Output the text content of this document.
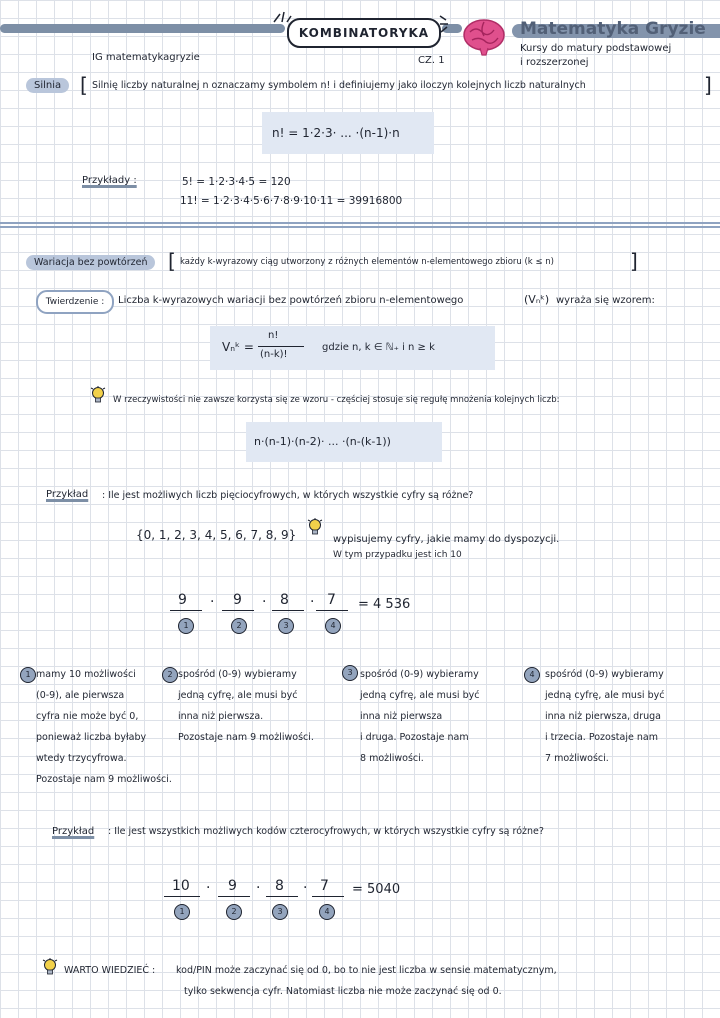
KOMBINATORYKA	Matematyka Gryzie
Kursy do matury podstawowej
i rozszerzonej
IG matematykagryzie	CZ. 1
Silnia [ Silnię liczby naturalnej n oznaczamy symbolem n! i definiujemy jako iloczyn kolejnych liczb naturalnych	]
n! = 1·2·3· ... ·(n-1)·n
Przykłady :	5! = 1·2·3·4·5 = 120
11! = 1·2·3·4·5·6·7·8·9·10·11 = 39916800
Wariacja bez powtórzeń	[ każdy k-wyrazowy ciąg utworzony z różnych elementów n-elementowego zbioru (k ≤ n)	]
Twierdzenie :	Liczba k-wyrazowych wariacji bez powtórzeń zbioru n-elementowego	(Vₙᵏ) wyraża się wzorem:
Vₙᵏ =
n!
(n-k)!
gdzie n, k ∈ ℕ₊ i n ≥ k
W rzeczywistości nie zawsze korzysta się ze wzoru - częściej stosuje się regułę mnożenia kolejnych liczb:
n·(n-1)·(n-2)· ... ·(n-(k-1))
Przykład : Ile jest możliwych liczb pięciocyfrowych, w których wszystkie cyfry są różne?
{0, 1, 2, 3, 4, 5, 6, 7, 8, 9}	wypisujemy cyfry, jakie mamy do dyspozycji.
W tym przypadku jest ich 10
9
1
· 9
2
· 8
3
· 7
4
= 4 536
1 mamy 10 możliwości
(0-9), ale pierwsza
cyfra nie może być 0,
ponieważ liczba byłaby
wtedy trzycyfrowa.
Pozostaje nam 9 możliwości.
2 spośród (0-9) wybieramy
jedną cyfrę, ale musi być
inna niż pierwsza.
Pozostaje nam 9 możliwości.
3 spośród (0-9) wybieramy
jedną cyfrę, ale musi być
inna niż pierwsza
i druga. Pozostaje nam
8 możliwości.
4	spośród (0-9) wybieramy
jedną cyfrę, ale musi być
inna niż pierwsza, druga
i trzecia. Pozostaje nam
7 możliwości.
Przykład : Ile jest wszystkich możliwych kodów czterocyfrowych, w których wszystkie cyfry są różne?
10
1
· 9
2
· 8
3
· 7
4
= 5040
WARTO WIEDZIEĆ : kod/PIN może zaczynać się od 0, bo to nie jest liczba w sensie matematycznym,
tylko sekwencja cyfr. Natomiast liczba nie może zaczynać się od 0.
